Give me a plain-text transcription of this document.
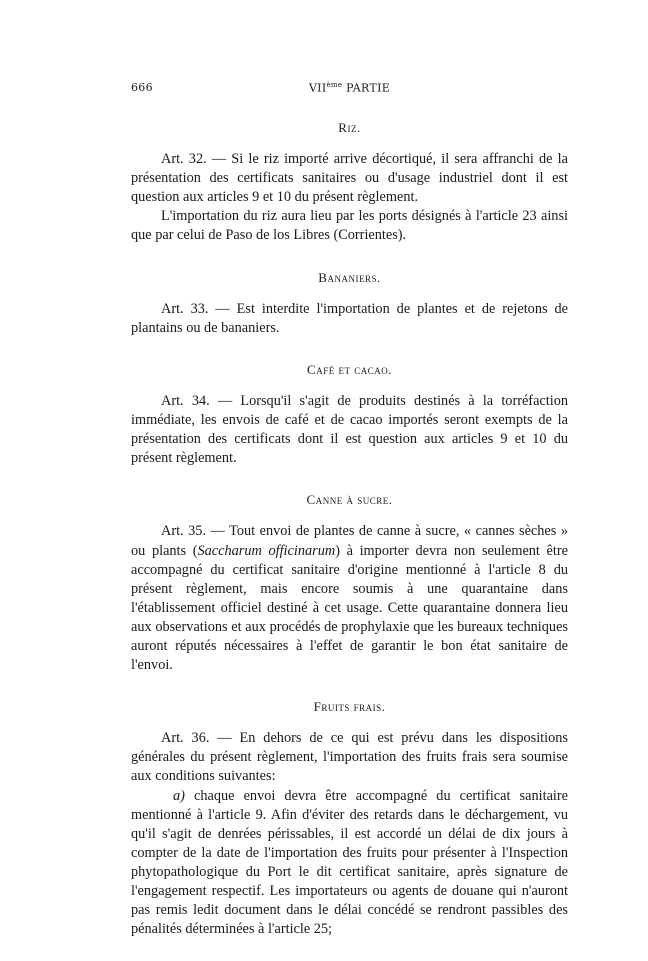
666	VIIème PARTIE
Riz.

Art. 32. — Si le riz importé arrive décortiqué, il sera affranchi de la présentation des certificats sanitaires ou d'usage industriel dont il est question aux articles 9 et 10 du présent règlement.

L'importation du riz aura lieu par les ports désignés à l'article 23 ainsi que par celui de Paso de los Libres (Corrientes).

Bananiers.

Art. 33. — Est interdite l'importation de plantes et de rejetons de plantains ou de bananiers.

Café et cacao.

Art. 34. — Lorsqu'il s'agit de produits destinés à la torréfaction immédiate, les envois de café et de cacao importés seront exempts de la présentation des certificats dont il est question aux articles 9 et 10 du présent règlement.

Canne à sucre.

Art. 35. — Tout envoi de plantes de canne à sucre, « cannes sèches » ou plants (Saccharum officinarum) à importer devra non seulement être accompagné du certificat sanitaire d'origine mentionné à l'article 8 du présent règlement, mais encore soumis à une quarantaine dans l'établissement officiel destiné à cet usage. Cette quarantaine donnera lieu aux observations et aux procédés de prophylaxie que les bureaux techniques auront réputés nécessaires à l'effet de garantir le bon état sanitaire de l'envoi.

Fruits frais.

Art. 36. — En dehors de ce qui est prévu dans les dispositions générales du présent règlement, l'importation des fruits frais sera soumise aux conditions suivantes:

a) chaque envoi devra être accompagné du certificat sanitaire mentionné à l'article 9. Afin d'éviter des retards dans le déchargement, vu qu'il s'agit de denrées périssables, il est accordé un délai de dix jours à compter de la date de l'importation des fruits pour présenter à l'Inspection phytopathologique du Port le dit certificat sanitaire, après signature de l'engagement respectif. Les importateurs ou agents de douane qui n'auront pas remis ledit document dans le délai concédé se rendront passibles des pénalités déterminées à l'article 25;
